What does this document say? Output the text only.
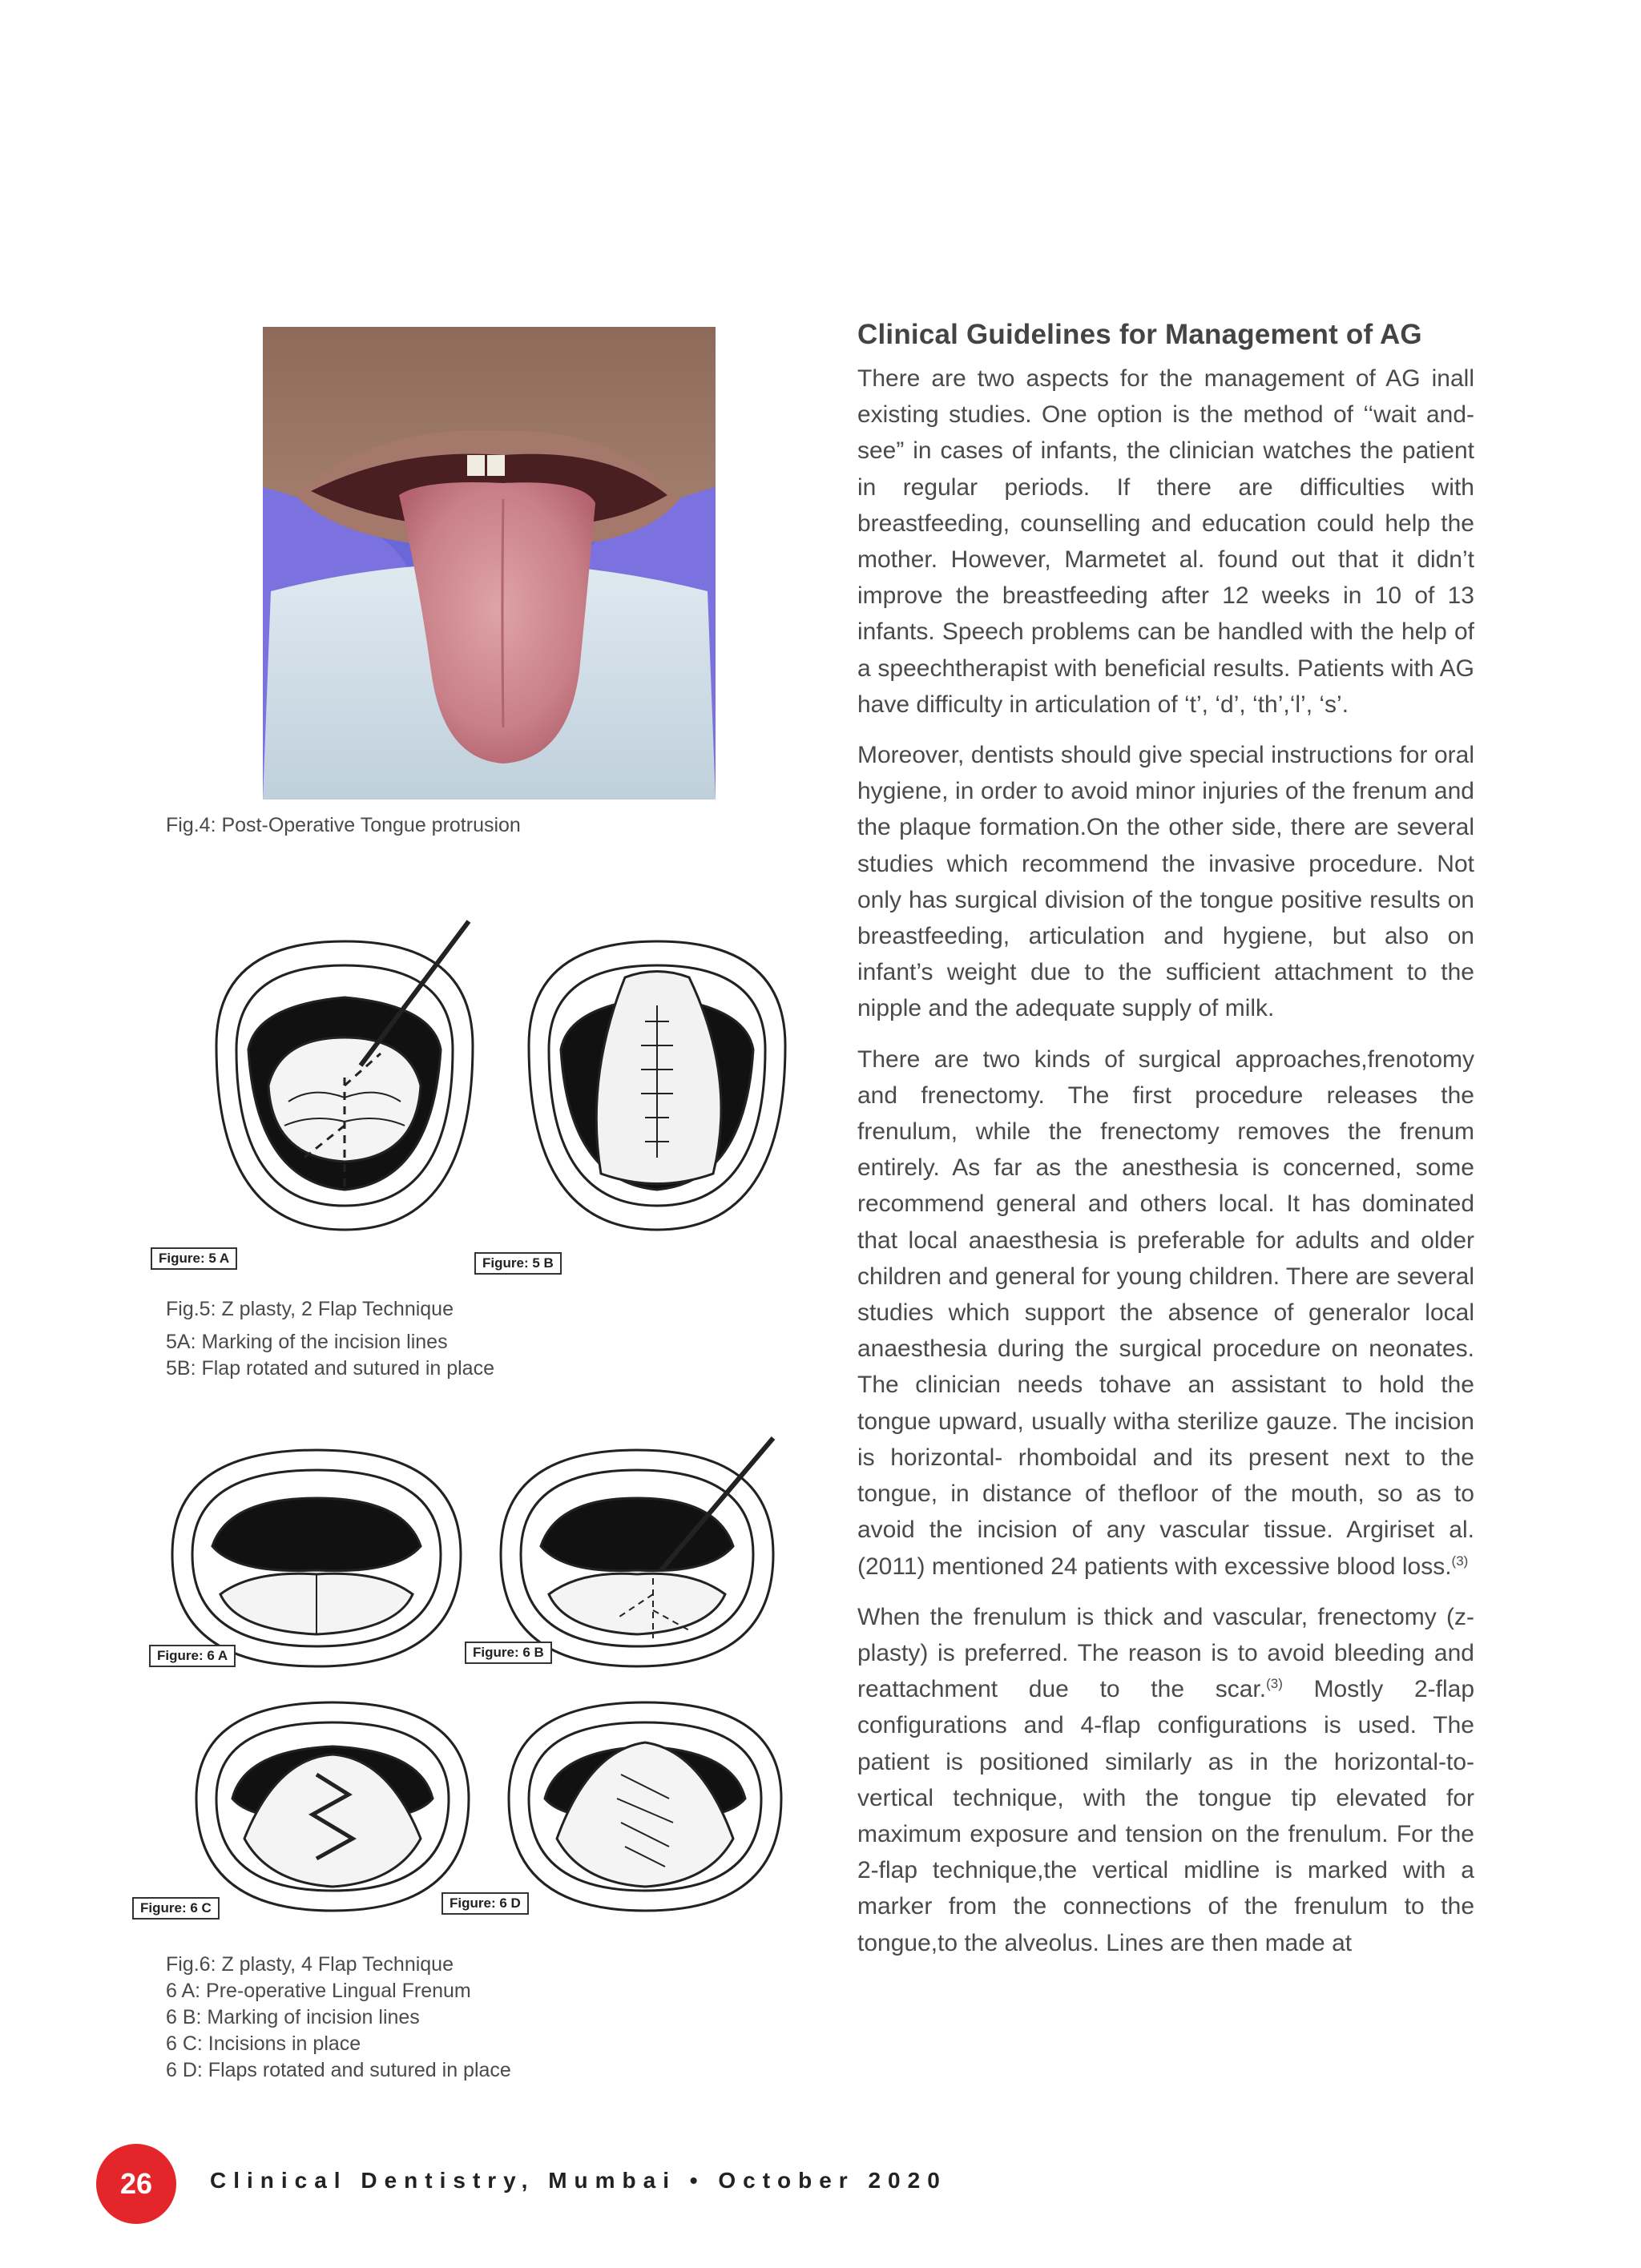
Clinical Guidelines for Management of AG

There are two aspects for the management of AG inall existing studies. One option is the method of ‘‘wait and-see” in cases of infants, the clinician watches the patient in regular periods. If there are difficulties with breastfeeding, counselling and education could help the mother. However, Marmetet al. found out that it didn’t improve the breastfeeding after 12 weeks in 10 of 13 infants. Speech problems can be handled with the help of a speechtherapist with beneficial results. Patients with AG have difficulty in articulation of ‘t’, ‘d’, ‘th’,‘l’, ‘s’.

Moreover, dentists should give special instructions for oral hygiene, in order to avoid minor injuries of the frenum and the plaque formation.On the other side, there are several studies which recommend the invasive procedure. Not only has surgical division of the tongue positive results on breastfeeding, articulation and hygiene, but also on infant’s weight due to the sufficient attachment to the nipple and the adequate supply of milk.

There are two kinds of surgical approaches,frenotomy and frenectomy. The first procedure releases the frenulum, while the frenectomy removes the frenum entirely. As far as the anesthesia is concerned, some recommend general and others local. It has dominated that local anaesthesia is preferable for adults and older children and general for young children. There are several studies which support the absence of generalor local anaesthesia during the surgical procedure on neonates. The clinician needs tohave an assistant to hold the tongue upward, usually witha sterilize gauze. The incision is horizontal- rhomboidal and its present next to the tongue, in distance of thefloor of the mouth, so as to avoid the incision of any vascular tissue. Argiriset al. (2011) mentioned 24 patients with excessive blood loss.$^{(3)}$

When the frenulum is thick and vascular, frenectomy (z-plasty) is preferred. The reason is to avoid bleeding and reattachment due to the scar.$^{(3)}$ Mostly 2-flap configurations and 4-flap configurations is used. The patient is positioned similarly as in the horizontal-to-vertical technique, with the tongue tip elevated for maximum exposure and tension on the frenulum. For the 2-flap technique,the vertical midline is marked with a marker from the connections of the frenulum to the tongue,to the alveolus. Lines are then made at

Fig.4: Post-Operative Tongue protrusion
Figure: 5 A	Figure: 5 B
Fig.5: Z plasty, 2 Flap Technique
5A: Marking of the incision lines
5B: Flap rotated and sutured in place
Figure: 6 A	Figure: 6 B
Figure: 6 C	Figure: 6 D
Fig.6: Z plasty, 4 Flap Technique
6 A: Pre-operative Lingual Frenum
6 B: Marking of incision lines
6 C: Incisions in place
6 D: Flaps rotated and sutured in place
26	Clinical Dentistry, Mumbai • October 2020
